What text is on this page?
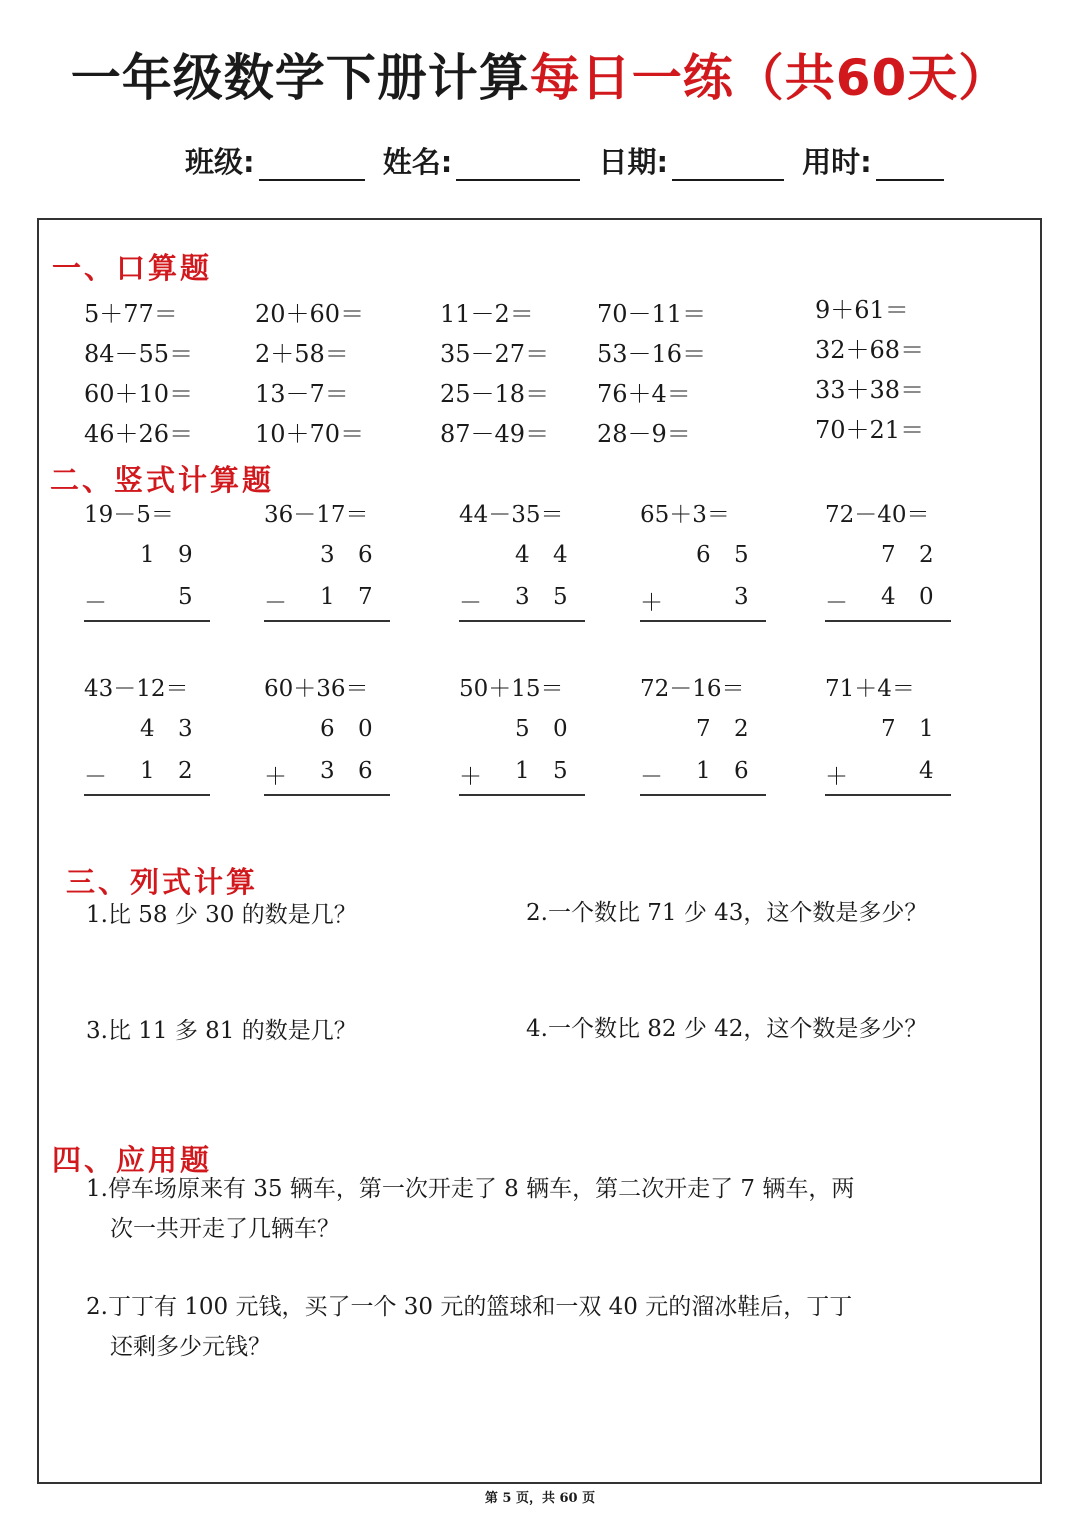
一年级数学下册计算每日一练（共60天）
班级:	姓名:	日期:	用时:
一、口算题
5＋77＝	20＋60＝	11－2＝	70－11＝	9＋61＝
84－55＝	2＋58＝	35－27＝ 53－16＝	32＋68＝
60＋10＝	13－7＝	25－18＝ 76＋4＝	33＋38＝
46＋26＝	10＋70＝	87－49＝ 28－9＝	70＋21＝
二、竖式计算题
19－5＝
1 9
－	5
36－17＝
3 6
－ 1 7
44－35＝
4 4
－ 3 5
65＋3＝
6 5
＋	3
72－40＝
7 2
－ 4 0
43－12＝
4 3
－ 1 2
60＋36＝
6 0
＋ 3 6
50＋15＝
5 0
＋ 1 5
72－16＝
7 2
－ 1 6
71＋4＝
7 1
＋	4
三、列式计算
1.比 58 少 30 的数是几？	2.一个数比 71 少 43，这个数是多少？
3.比 11 多 81 的数是几？	4.一个数比 82 少 42，这个数是多少？
四、应用题
1.停车场原来有 35 辆车，第一次开走了 8 辆车，第二次开走了 7 辆车，两
次一共开走了几辆车？
2.丁丁有 100 元钱，买了一个 30 元的篮球和一双 40 元的溜冰鞋后，丁丁
还剩多少元钱？
第 5 页，共 60 页
